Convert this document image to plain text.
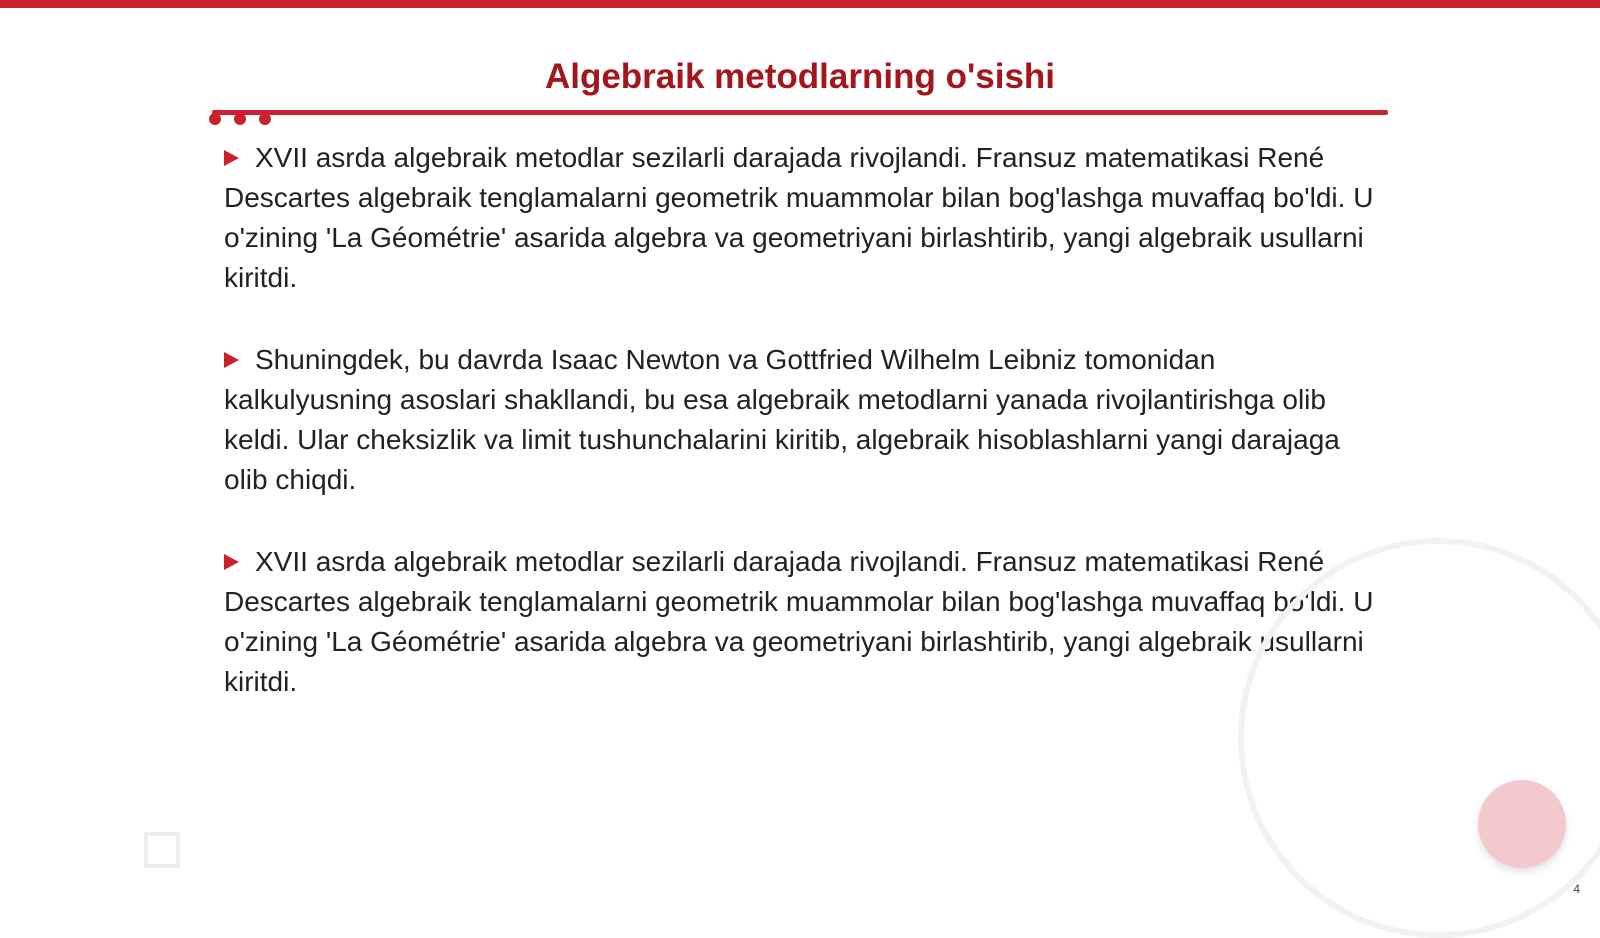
Algebraik metodlarning o'sishi
XVII asrda algebraik metodlar sezilarli darajada rivojlandi. Fransuz matematikasi René Descartes algebraik tenglamalarni geometrik muammolar bilan bog'lashga muvaffaq bo'ldi. U o'zining 'La Géométrie' asarida algebra va geometriyani birlashtirib, yangi algebraik usullarni kiritdi.
Shuningdek, bu davrda Isaac Newton va Gottfried Wilhelm Leibniz tomonidan kalkulyusning asoslari shakllandi, bu esa algebraik metodlarni yanada rivojlantirishga olib keldi. Ular cheksizlik va limit tushunchalarini kiritib, algebraik hisoblashlarni yangi darajaga olib chiqdi.
XVII asrda algebraik metodlar sezilarli darajada rivojlandi. Fransuz matematikasi René Descartes algebraik tenglamalarni geometrik muammolar bilan bog'lashga muvaffaq bo'ldi. U o'zining 'La Géométrie' asarida algebra va geometriyani birlashtirib, yangi algebraik usullarni kiritdi.
4
